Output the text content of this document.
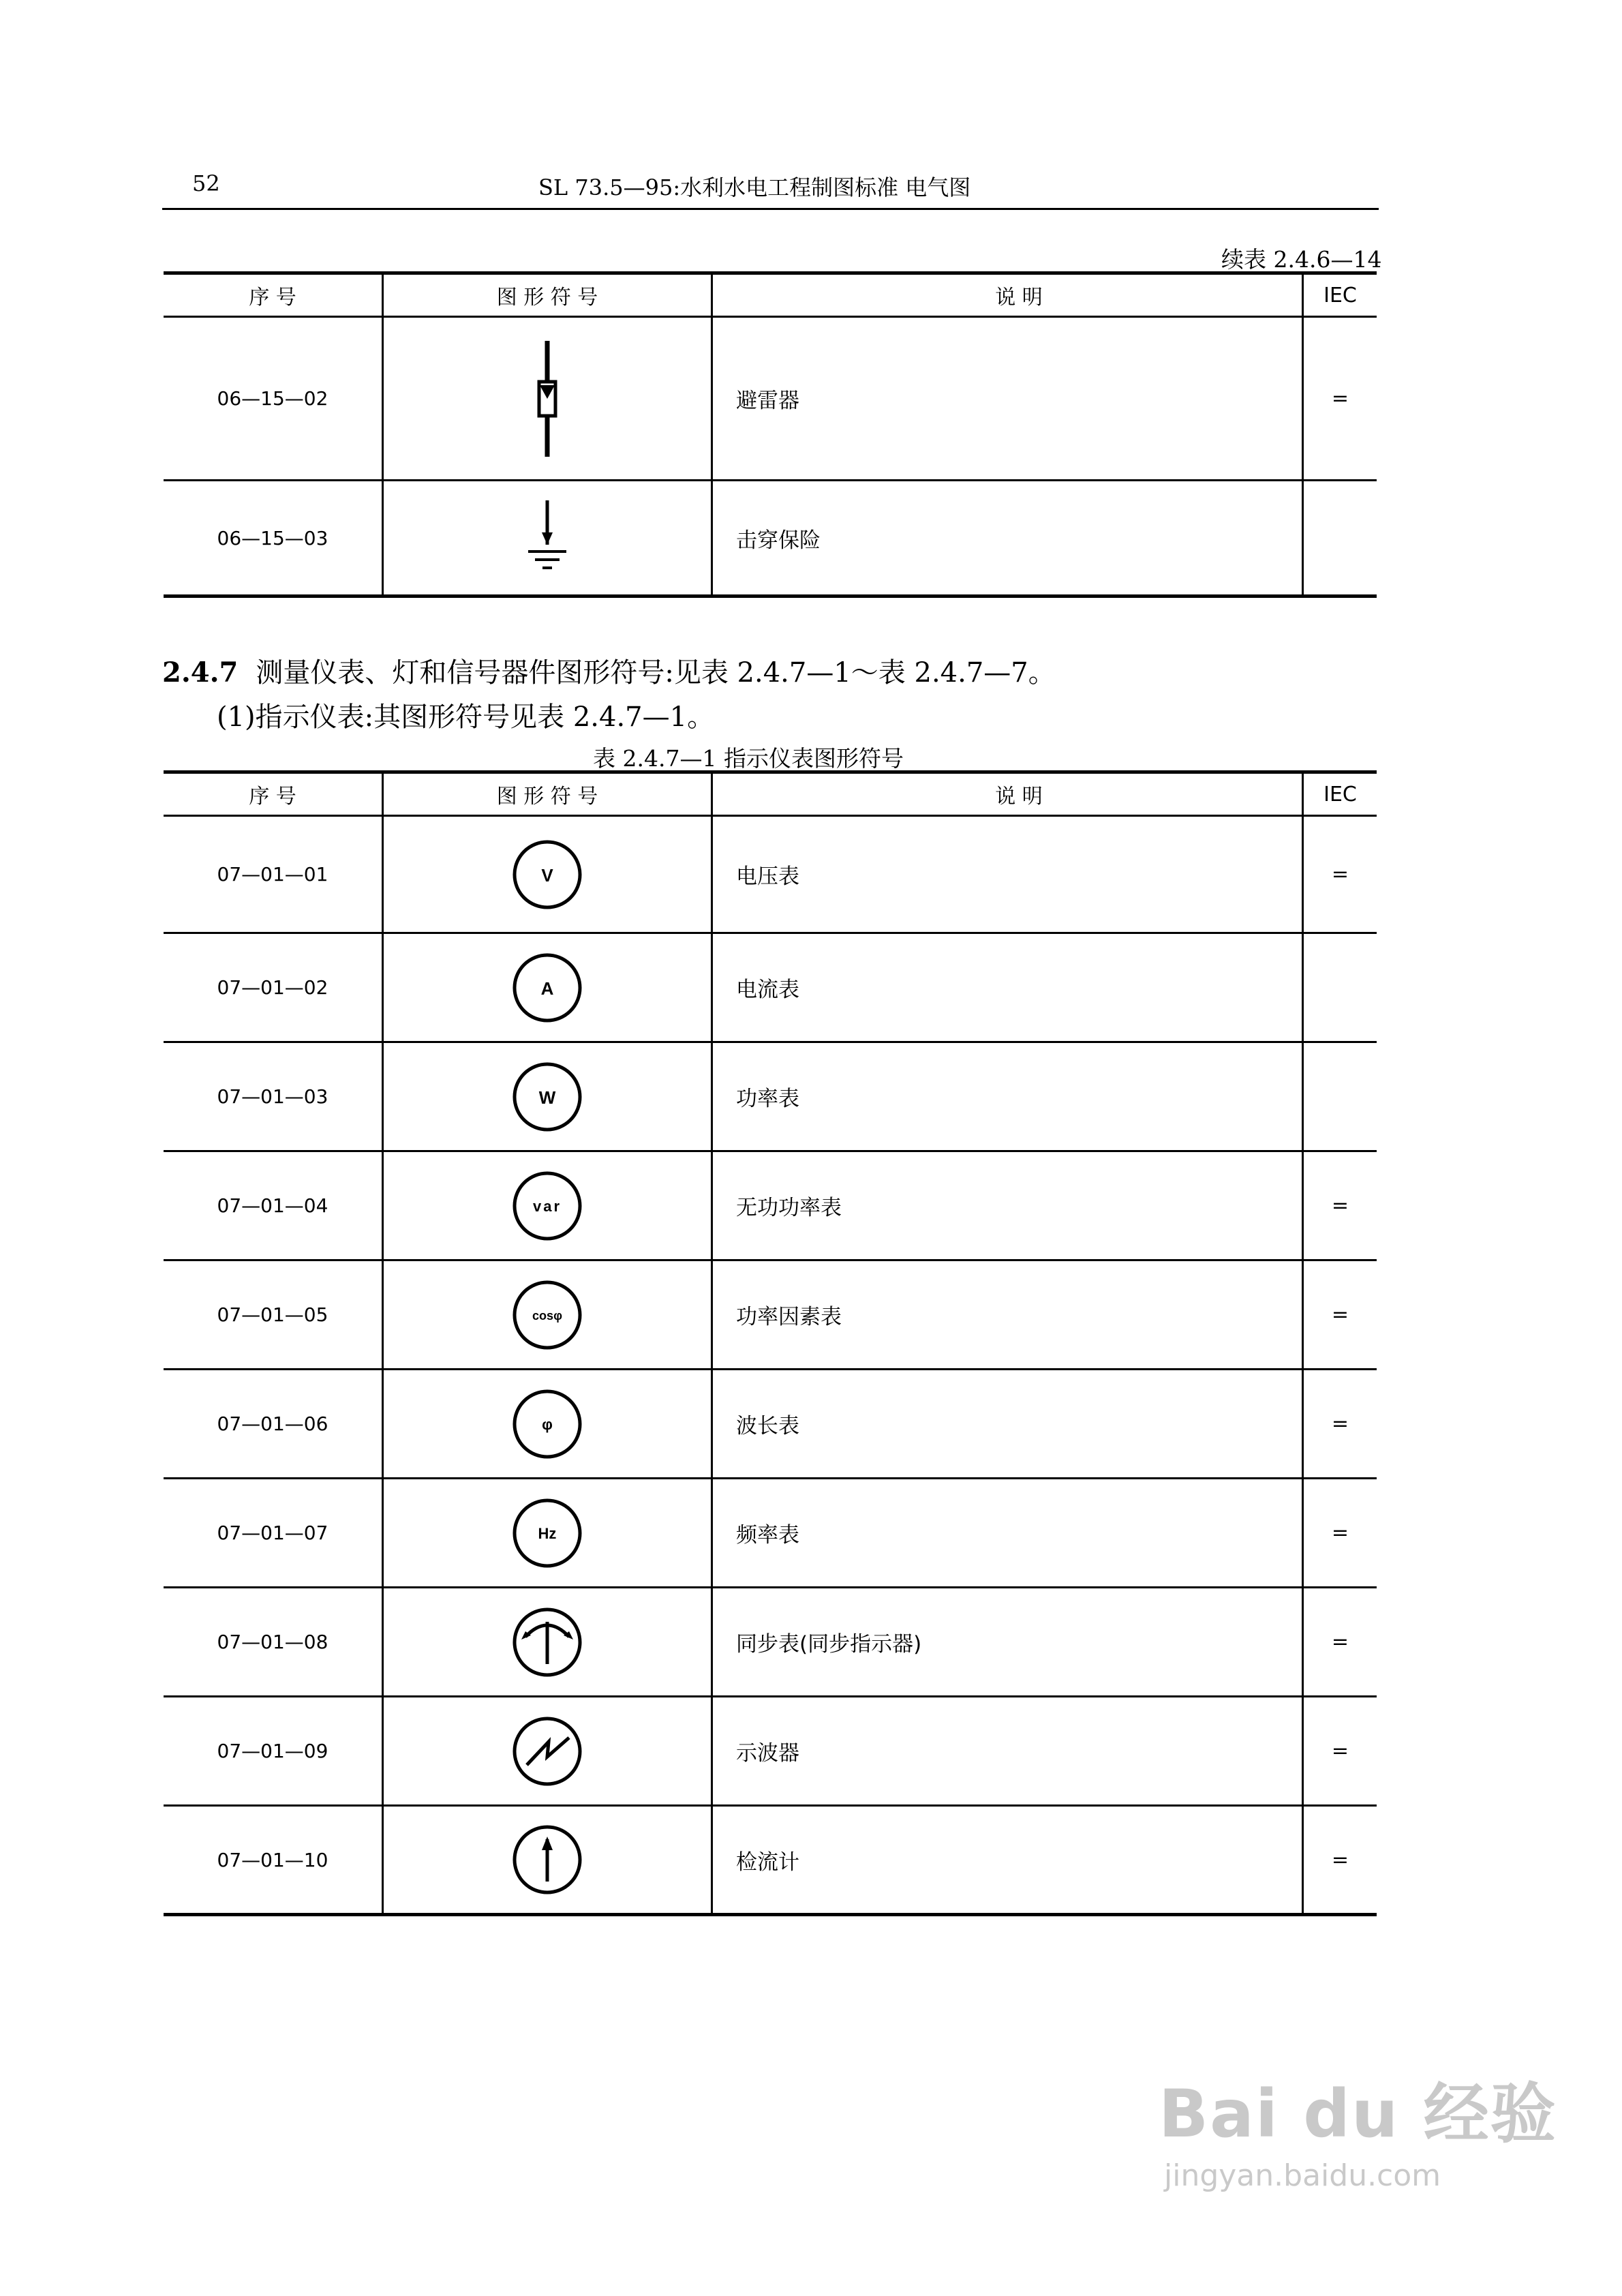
52	SL 73.5—95:水利水电工程制图标准 电气图
续表 2.4.6—14
序 号	图 形 符 号	说 明	IEC
06—15—02		避雷器	=
06—15—03		击穿保险	
2.4.7 测量仪表、灯和信号器件图形符号:见表 2.4.7—1～表 2.4.7—7。
(1)指示仪表:其图形符号见表 2.4.7—1。
表 2.4.7—1 指示仪表图形符号
序 号	图 形 符 号	说 明	IEC
07—01—01	V	电压表	=
07—01—02	A	电流表	
07—01—03	W	功率表	
07—01—04	var	无功功率表	=
07—01—05	cosφ	功率因素表	=
07—01—06	φ	波长表	=
07—01—07	Hz	频率表	=
07—01—08		同步表(同步指示器)	=
07—01—09		示波器	=
07—01—10		检流计	=
Bai du 经验
jingyan.baidu.com
